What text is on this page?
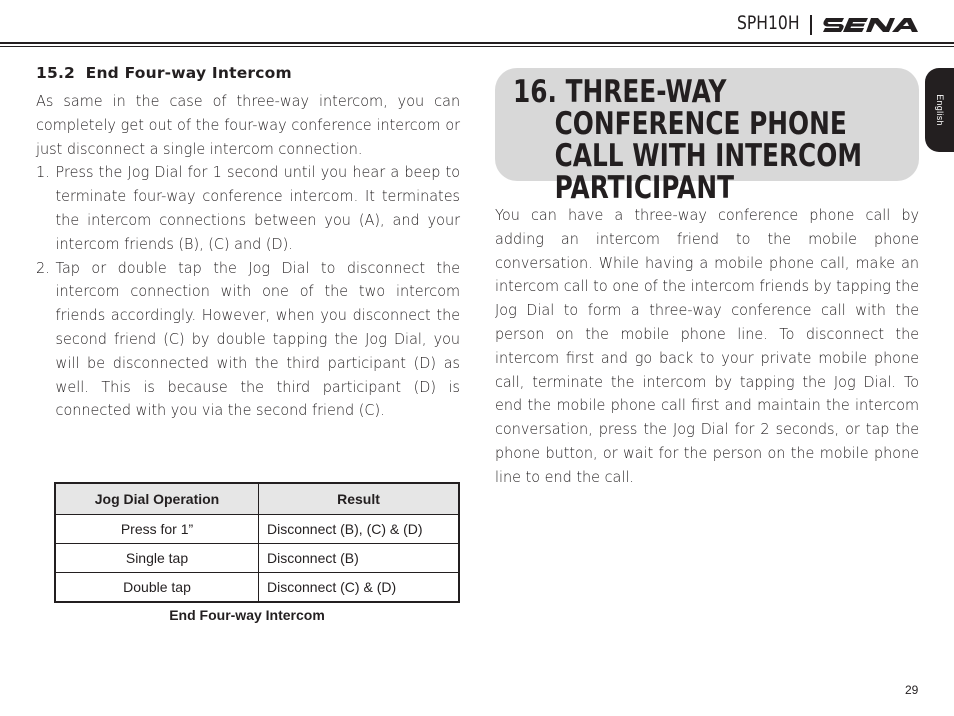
SPH10H
English
15.2 End Four-way Intercom

As same in the case of three-way intercom, you can completely get out of the four-way conference intercom or just disconnect a single intercom connection.

1. Press the Jog Dial for 1 second until you hear a beep to terminate four-way conference intercom. It terminates the intercom connections between you (A), and your intercom friends (B), (C) and (D).
2. Tap or double tap the Jog Dial to disconnect the intercom connection with one of the two intercom friends accordingly. However, when you disconnect the second friend (C) by double tapping the Jog Dial, you will be disconnected with the third participant (D) as well. This is because the third participant (D) is connected with you via the second friend (C).
Jog Dial Operation	Result
Press for 1”	Disconnect (B), (C) & (D)
Single tap	Disconnect (B)
Double tap	Disconnect (C) & (D)
End Four-way Intercom
16. THREE-WAY CONFERENCE PHONE CALL WITH INTERCOM PARTICIPANT

You can have a three-way conference phone call by adding an intercom friend to the mobile phone conversation. While having a mobile phone call, make an intercom call to one of the intercom friends by tapping the Jog Dial to form a three-way conference call with the person on the mobile phone line. To disconnect the intercom first and go back to your private mobile phone call, terminate the intercom by tapping the Jog Dial. To end the mobile phone call first and maintain the intercom conversation, press the Jog Dial for 2 seconds, or tap the phone button, or wait for the person on the mobile phone line to end the call.

29
